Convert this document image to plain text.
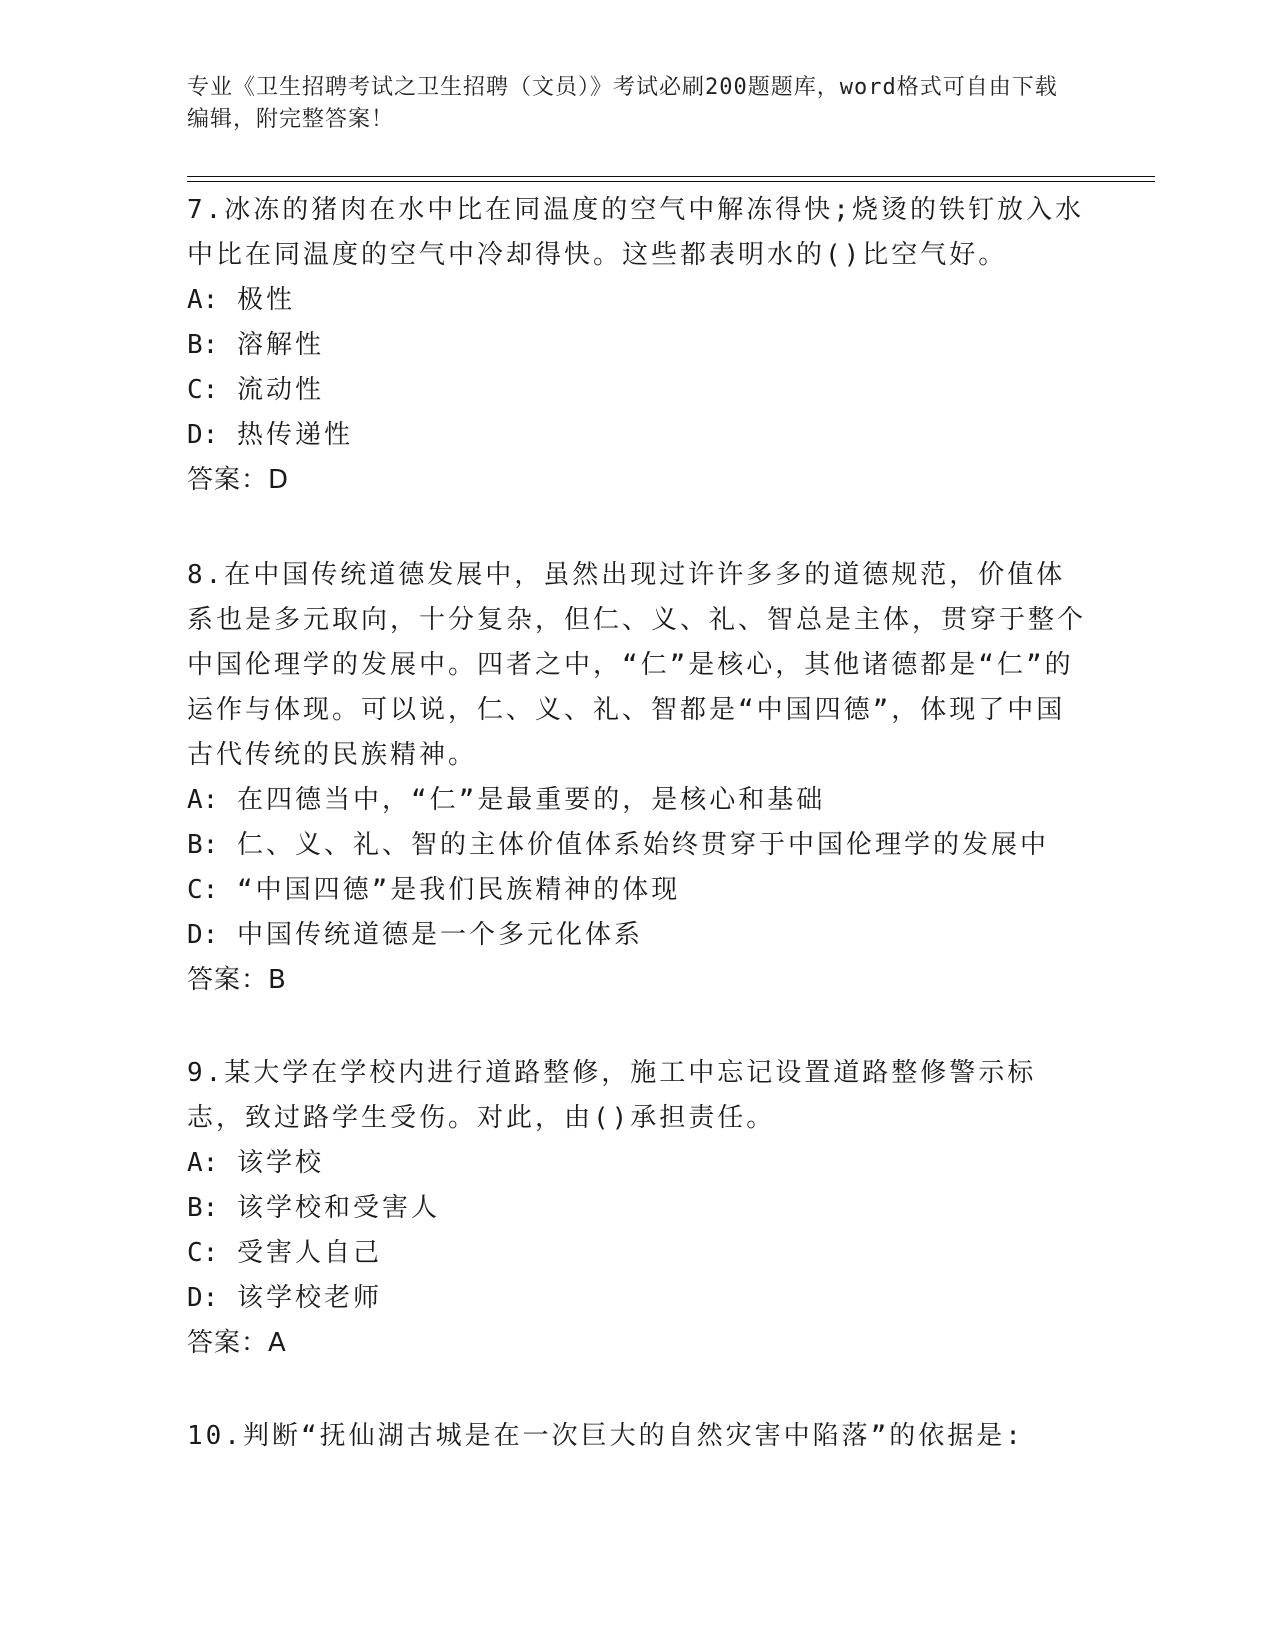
专业《卫生招聘考试之卫生招聘（文员）》考试必刷200题题库，word格式可自由下载编辑，附完整答案！

7.冰冻的猪肉在水中比在同温度的空气中解冻得快;烧烫的铁钉放入水中比在同温度的空气中冷却得快。这些都表明水的()比空气好。

A: 极性

B: 溶解性

C: 流动性

D: 热传递性

答案：D

8.在中国传统道德发展中，虽然出现过许许多多的道德规范，价值体系也是多元取向，十分复杂，但仁、义、礼、智总是主体，贯穿于整个中国伦理学的发展中。四者之中，“仁”是核心，其他诸德都是“仁”的运作与体现。可以说，仁、义、礼、智都是“中国四德”，体现了中国古代传统的民族精神。

A: 在四德当中，“仁”是最重要的，是核心和基础

B: 仁、义、礼、智的主体价值体系始终贯穿于中国伦理学的发展中

C: “中国四德”是我们民族精神的体现

D: 中国传统道德是一个多元化体系

答案：B

9.某大学在学校内进行道路整修，施工中忘记设置道路整修警示标志，致过路学生受伤。对此，由()承担责任。

A: 该学校

B: 该学校和受害人

C: 受害人自己

D: 该学校老师

答案：A

10.判断“抚仙湖古城是在一次巨大的自然灾害中陷落”的依据是:
